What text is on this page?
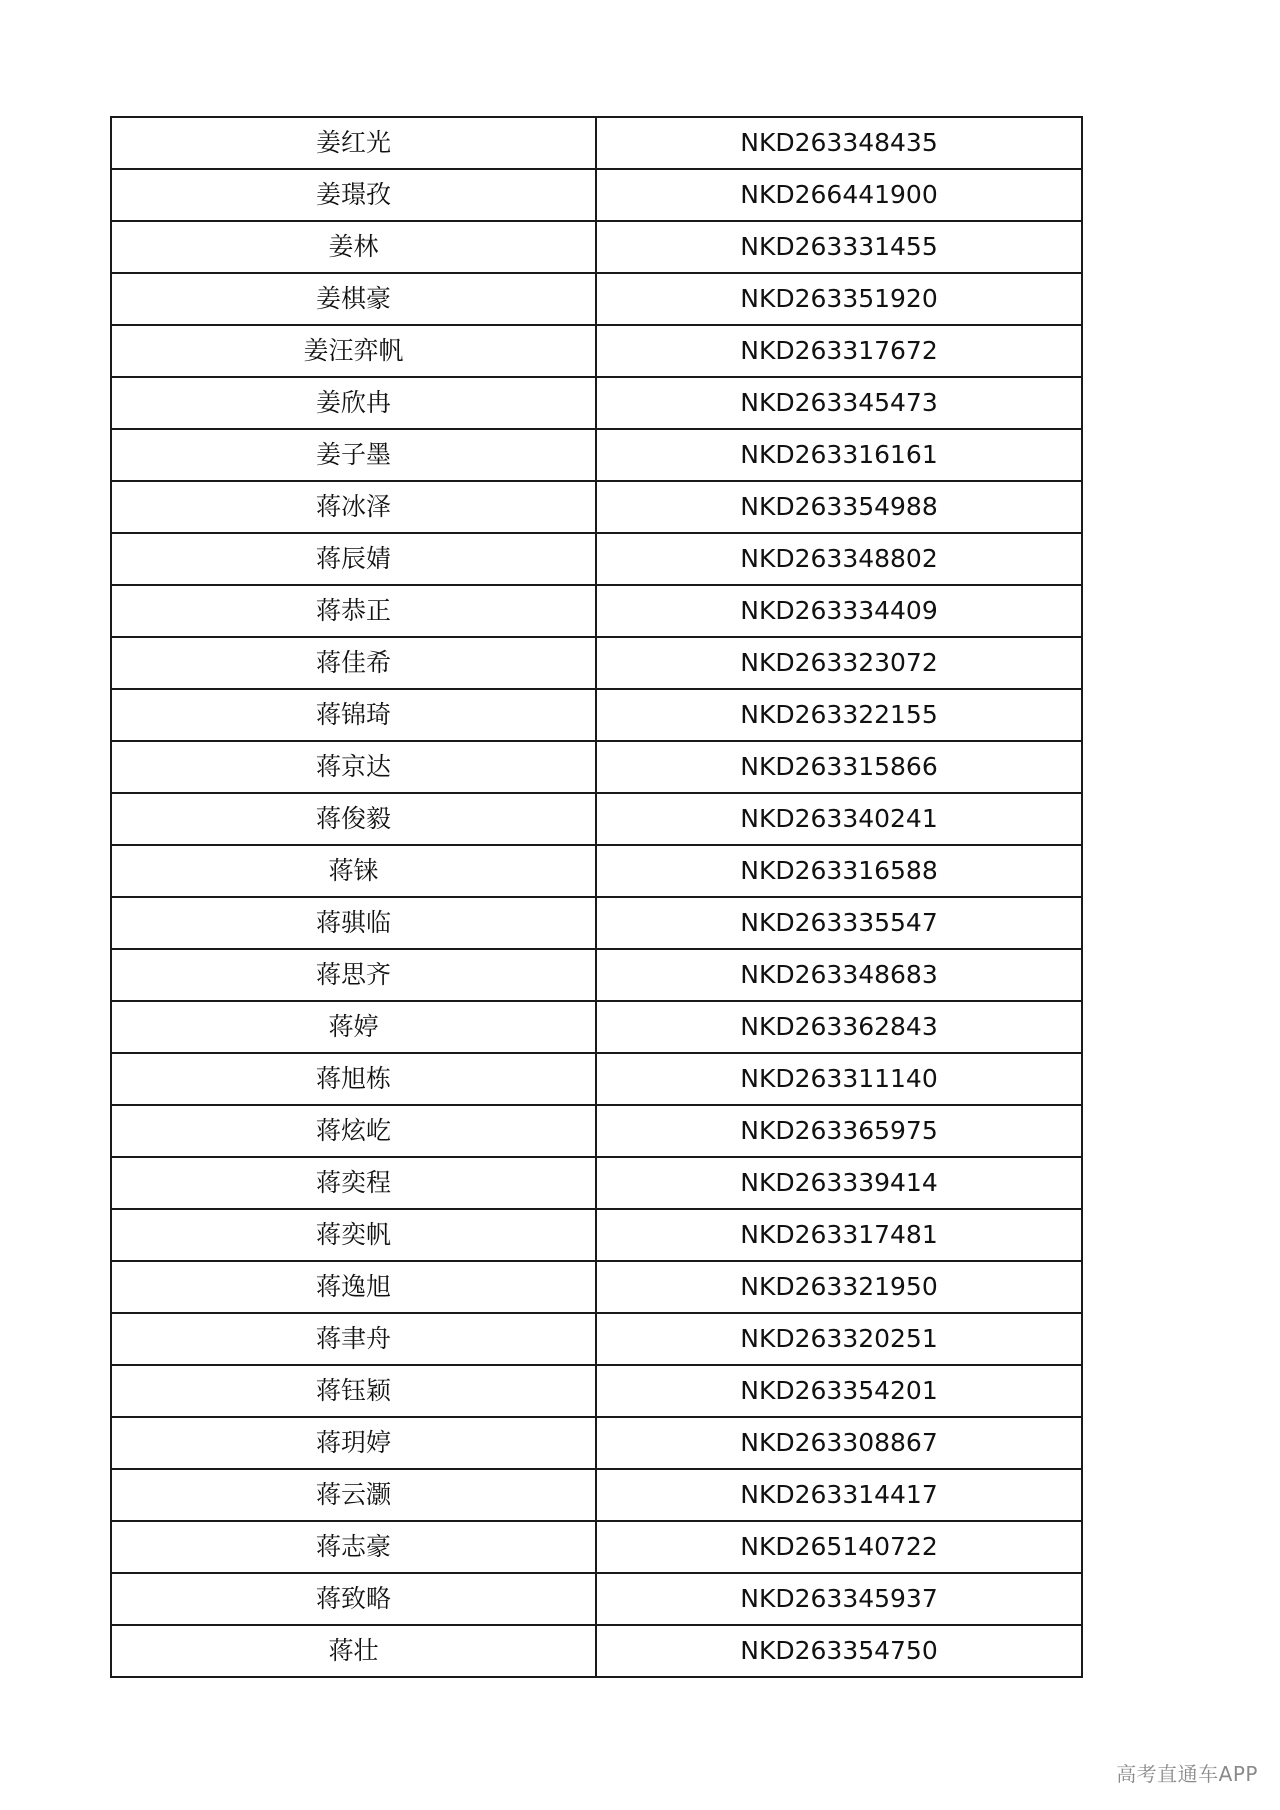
姜红光	NKD263348435
姜璟孜	NKD266441900
姜林	NKD263331455
姜棋豪	NKD263351920
姜汪弈帆	NKD263317672
姜欣冉	NKD263345473
姜子墨	NKD263316161
蒋冰泽	NKD263354988
蒋辰婧	NKD263348802
蒋恭正	NKD263334409
蒋佳希	NKD263323072
蒋锦琦	NKD263322155
蒋京达	NKD263315866
蒋俊毅	NKD263340241
蒋铼	NKD263316588
蒋骐临	NKD263335547
蒋思齐	NKD263348683
蒋婷	NKD263362843
蒋旭栋	NKD263311140
蒋炫屹	NKD263365975
蒋奕程	NKD263339414
蒋奕帆	NKD263317481
蒋逸旭	NKD263321950
蒋聿舟	NKD263320251
蒋钰颖	NKD263354201
蒋玥婷	NKD263308867
蒋云灏	NKD263314417
蒋志豪	NKD265140722
蒋致略	NKD263345937
蒋壮	NKD263354750
高考直通车APP
